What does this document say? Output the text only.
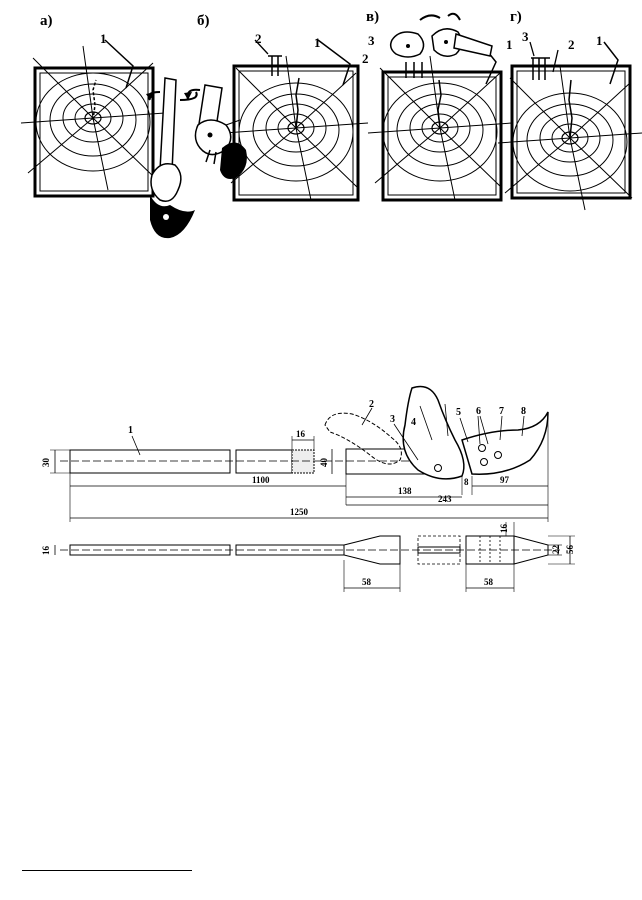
а)	б)	в)	г)
1	2	1	3
2
1
3
2 1
1
2
3 4
5 6 7 8
16
30	40
1100
138
8	97
243
1250
16
58	58
16
22 56
